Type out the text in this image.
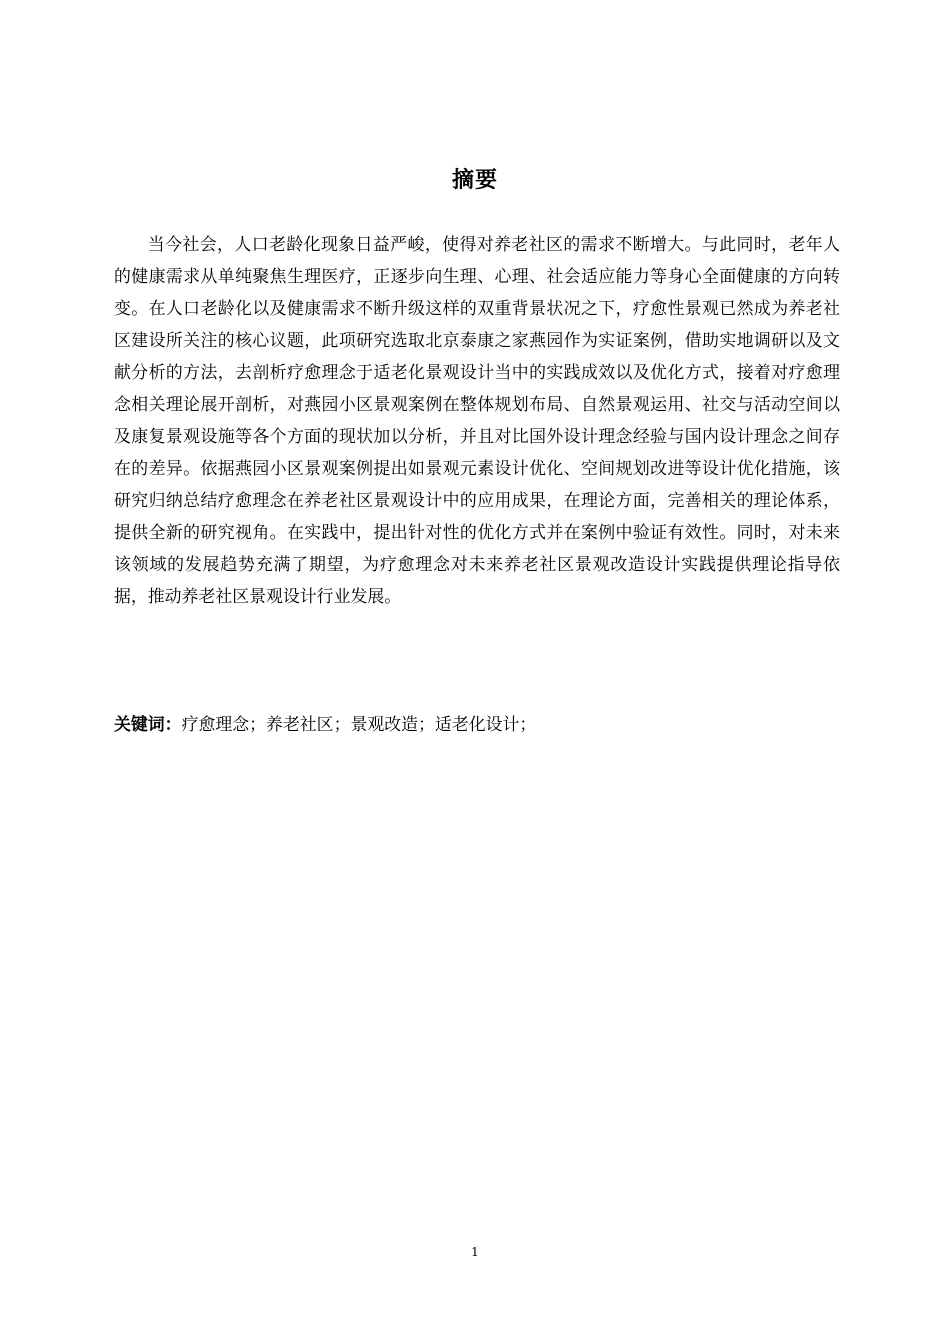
摘要

当今社会，人口老龄化现象日益严峻，使得对养老社区的需求不断增大。与此同时，老年人的健康需求从单纯聚焦生理医疗，正逐步向生理、心理、社会适应能力等身心全面健康的方向转变。在人口老龄化以及健康需求不断升级这样的双重背景状况之下，疗愈性景观已然成为养老社区建设所关注的核心议题，此项研究选取北京泰康之家燕园作为实证案例，借助实地调研以及文献分析的方法，去剖析疗愈理念于适老化景观设计当中的实践成效以及优化方式，接着对疗愈理念相关理论展开剖析，对燕园小区景观案例在整体规划布局、自然景观运用、社交与活动空间以及康复景观设施等各个方面的现状加以分析，并且对比国外设计理念经验与国内设计理念之间存在的差异。依据燕园小区景观案例提出如景观元素设计优化、空间规划改进等设计优化措施，该研究归纳总结疗愈理念在养老社区景观设计中的应用成果，在理论方面，完善相关的理论体系，提供全新的研究视角。在实践中，提出针对性的优化方式并在案例中验证有效性。同时，对未来该领域的发展趋势充满了期望，为疗愈理念对未来养老社区景观改造设计实践提供理论指导依据，推动养老社区景观设计行业发展。

关键词：疗愈理念；养老社区；景观改造；适老化设计；

1
